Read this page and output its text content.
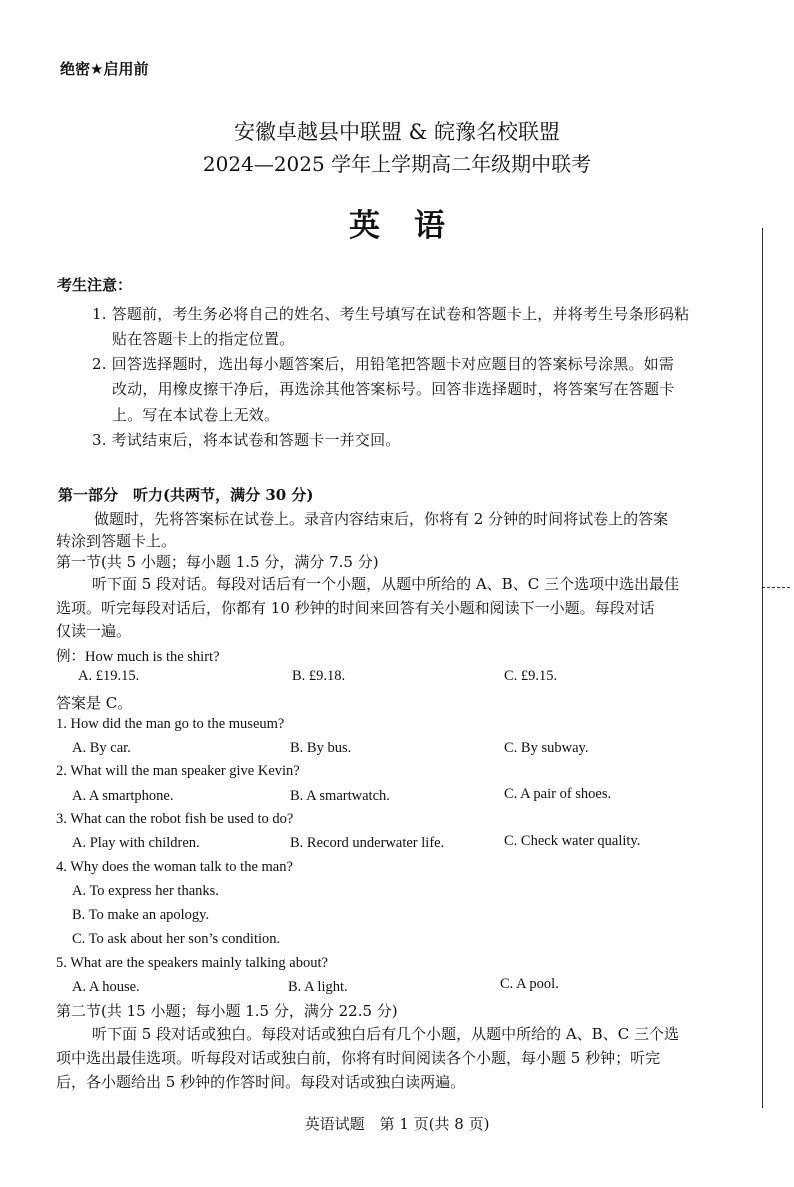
绝密★启用前
安徽卓越县中联盟 & 皖豫名校联盟
2024—2025 学年上学期高二年级期中联考
英语
考生注意：
1. 答题前，考生务必将自己的姓名、考生号填写在试卷和答题卡上，并将考生号条形码粘
贴在答题卡上的指定位置。
2. 回答选择题时，选出每小题答案后，用铅笔把答题卡对应题目的答案标号涂黑。如需
改动，用橡皮擦干净后，再选涂其他答案标号。回答非选择题时，将答案写在答题卡
上。写在本试卷上无效。
3. 考试结束后，将本试卷和答题卡一并交回。
第一部分　听力(共两节，满分 30 分)
做题时，先将答案标在试卷上。录音内容结束后，你将有 2 分钟的时间将试卷上的答案
转涂到答题卡上。
第一节(共 5 小题；每小题 1.5 分，满分 7.5 分)
听下面 5 段对话。每段对话后有一个小题，从题中所给的 A、B、C 三个选项中选出最佳
选项。听完每段对话后，你都有 10 秒钟的时间来回答有关小题和阅读下一小题。每段对话
仅读一遍。
例：How much is the shirt?
A. £19.15.	B. £9.18.	C. £9.15.
答案是 C。
1. How did the man go to the museum?
A. By car.	B. By bus.	C. By subway.
2. What will the man speaker give Kevin?
A. A smartphone.	B. A smartwatch.	C. A pair of shoes.
3. What can the robot fish be used to do?
A. Play with children.	B. Record underwater life.	C. Check water quality.
4. Why does the woman talk to the man?
A. To express her thanks.
B. To make an apology.
C. To ask about her son’s condition.
5. What are the speakers mainly talking about?
A. A house.	B. A light.	C. A pool.
第二节(共 15 小题；每小题 1.5 分，满分 22.5 分)
听下面 5 段对话或独白。每段对话或独白后有几个小题，从题中所给的 A、B、C 三个选
项中选出最佳选项。听每段对话或独白前，你将有时间阅读各个小题，每小题 5 秒钟；听完
后，各小题给出 5 秒钟的作答时间。每段对话或独白读两遍。
英语试题　第 1 页(共 8 页)
